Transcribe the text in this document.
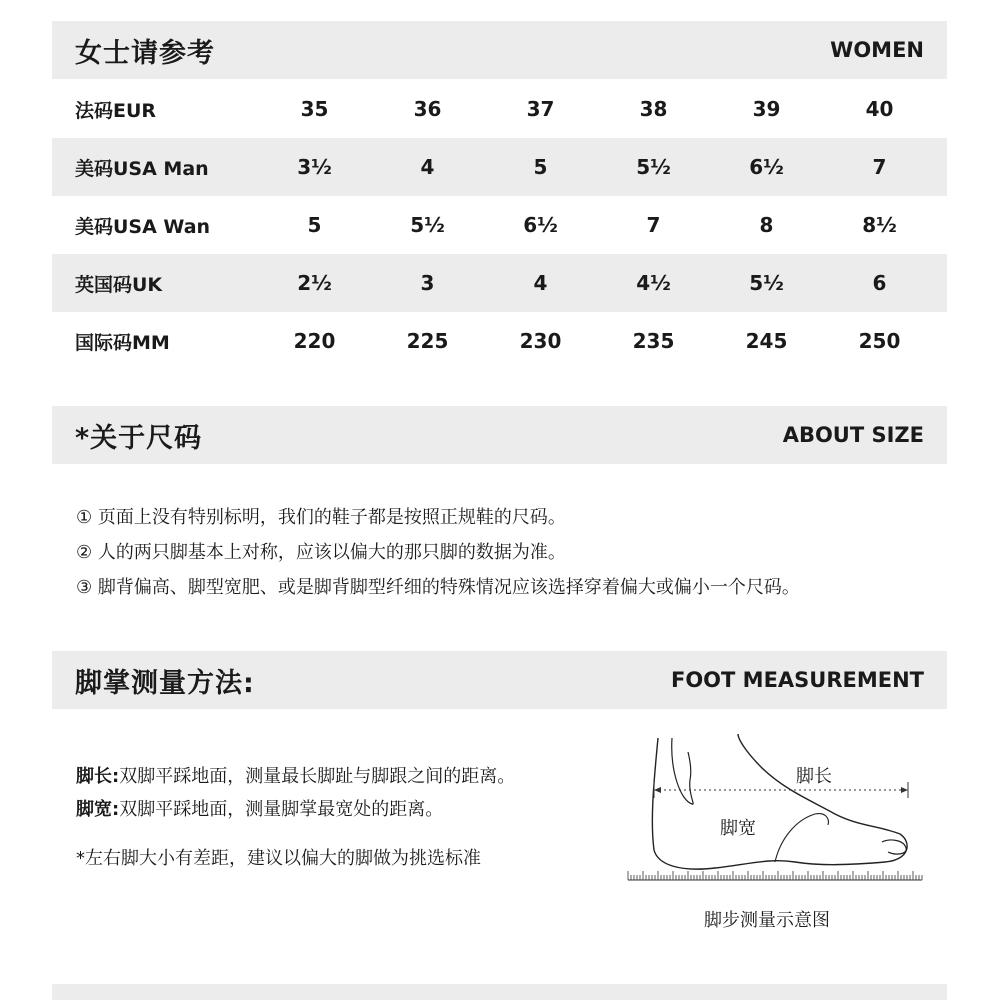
女士请参考	WOMEN
法码EUR	35	36	37	38	39	40
美码USA Man	3½	4	5	5½	6½	7
美码USA Wan	5	5½	6½	7	8	8½
英国码UK	2½	3	4	4½	5½	6
国际码MM	220	225	230	235	245	250
*关于尺码	ABOUT SIZE

① 页面上没有特别标明，我们的鞋子都是按照正规鞋的尺码。

② 人的两只脚基本上对称，应该以偏大的那只脚的数据为准。

③ 脚背偏高、脚型宽肥、或是脚背脚型纤细的特殊情况应该选择穿着偏大或偏小一个尺码。

脚掌测量方法:	FOOT MEASUREMENT

脚长:双脚平踩地面，测量最长脚趾与脚跟之间的距离。

脚宽:双脚平踩地面，测量脚掌最宽处的距离。

*左右脚大小有差距，建议以偏大的脚做为挑选标准

脚长
脚宽
脚步测量示意图
